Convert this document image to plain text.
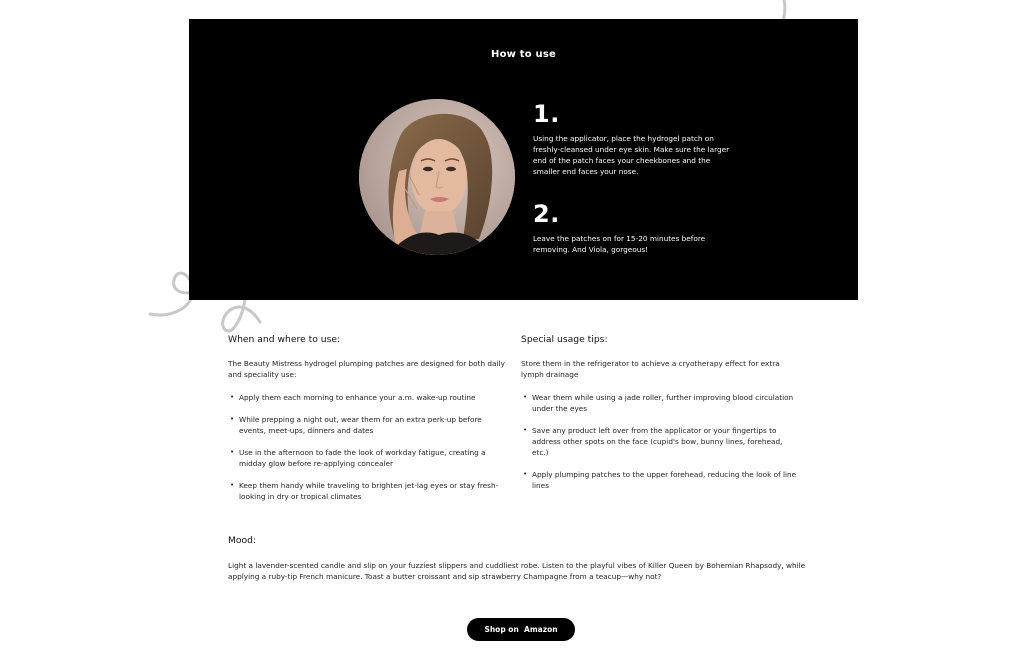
How to use
1.

Using the applicator, place the hydrogel patch on freshly-cleansed under eye skin. Make sure the larger end of the patch faces your cheekbones and the smaller end faces your nose.

2.

Leave the patches on for 15-20 minutes before removing. And Viola, gorgeous!

When and where to use:

The Beauty Mistress hydrogel plumping patches are designed for both daily and speciality use:

• Apply them each morning to enhance your a.m. wake-up routine
• While prepping a night out, wear them for an extra perk-up before events, meet-ups, dinners and dates
• Use in the afternoon to fade the look of workday fatigue, creating a midday glow before re-applying concealer
• Keep them handy while traveling to brighten jet-lag eyes or stay fresh-looking in dry or tropical climates
Special usage tips:

Store them in the refrigerator to achieve a cryotherapy effect for extra lymph drainage

• Wear them while using a jade roller, further improving blood circulation under the eyes
• Save any product left over from the applicator or your fingertips to address other spots on the face (cupid's bow, bunny lines, forehead, etc.)
• Apply plumping patches to the upper forehead, reducing the look of line lines
Mood:

Light a lavender-scented candle and slip on your fuzziest slippers and cuddliest robe. Listen to the playful vibes of Killer Queen by Bohemian Rhapsody, while applying a ruby-tip French manicure. Toast a butter croissant and sip strawberry Champagne from a teacup—why not?

Shop on  Amazon
